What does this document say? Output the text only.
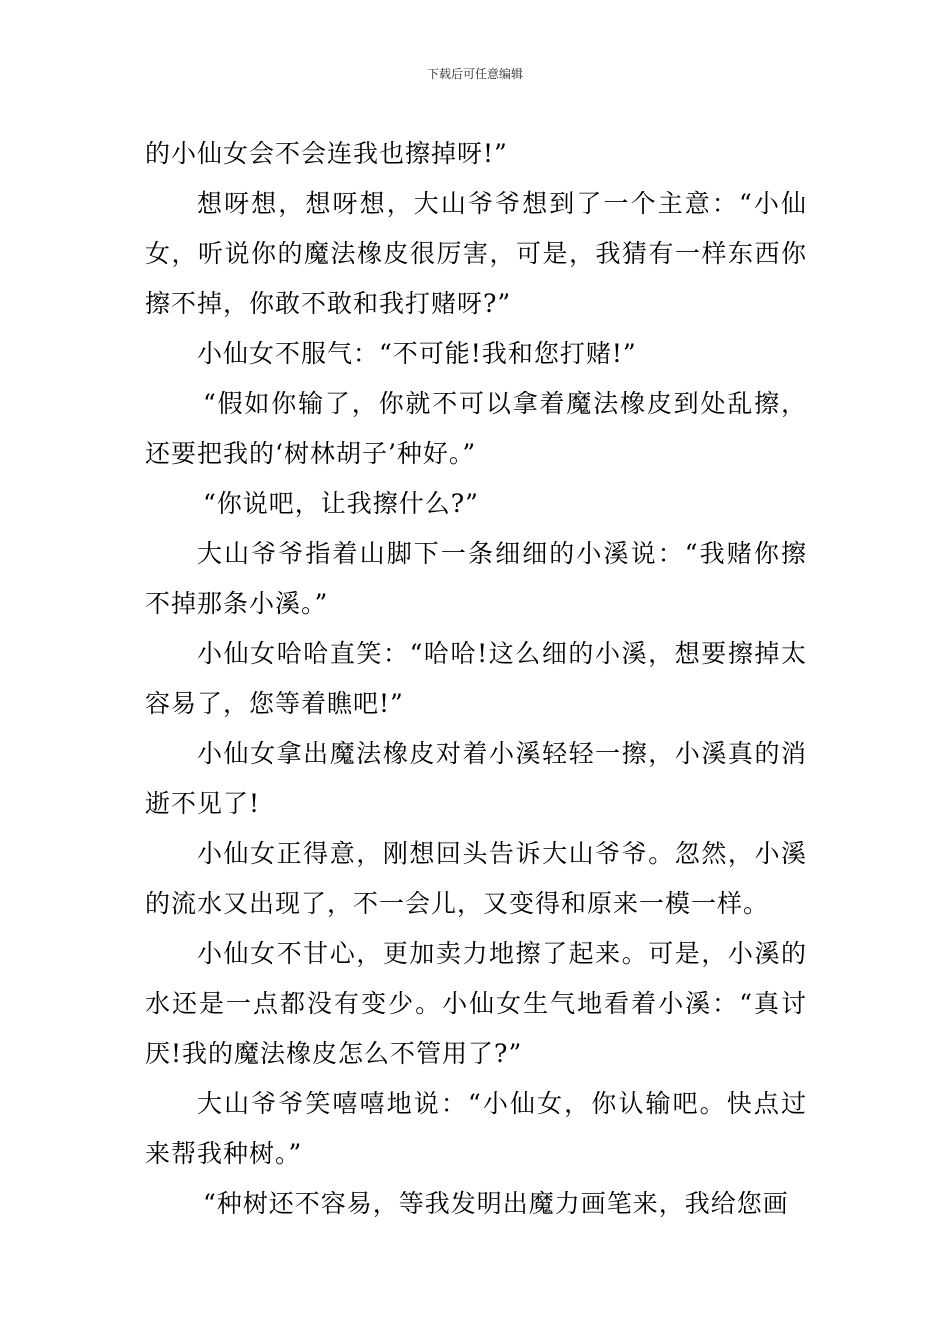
下载后可任意编辑

的小仙女会不会连我也擦掉呀!”

想呀想，想呀想，大山爷爷想到了一个主意：“小仙女，听说你的魔法橡皮很厉害，可是，我猜有一样东西你擦不掉，你敢不敢和我打赌呀?”

小仙女不服气：“不可能!我和您打赌!”

“假如你输了，你就不可以拿着魔法橡皮到处乱擦，还要把我的‘树林胡子’种好。”

“你说吧，让我擦什么?”

大山爷爷指着山脚下一条细细的小溪说：“我赌你擦不掉那条小溪。”

小仙女哈哈直笑：“哈哈!这么细的小溪，想要擦掉太容易了，您等着瞧吧!”

小仙女拿出魔法橡皮对着小溪轻轻一擦，小溪真的消逝不见了!

小仙女正得意，刚想回头告诉大山爷爷。忽然，小溪的流水又出现了，不一会儿，又变得和原来一模一样。

小仙女不甘心，更加卖力地擦了起来。可是，小溪的水还是一点都没有变少。小仙女生气地看着小溪：“真讨厌!我的魔法橡皮怎么不管用了?”

大山爷爷笑嘻嘻地说：“小仙女，你认输吧。快点过来帮我种树。”

“种树还不容易，等我发明出魔力画笔来，我给您画
